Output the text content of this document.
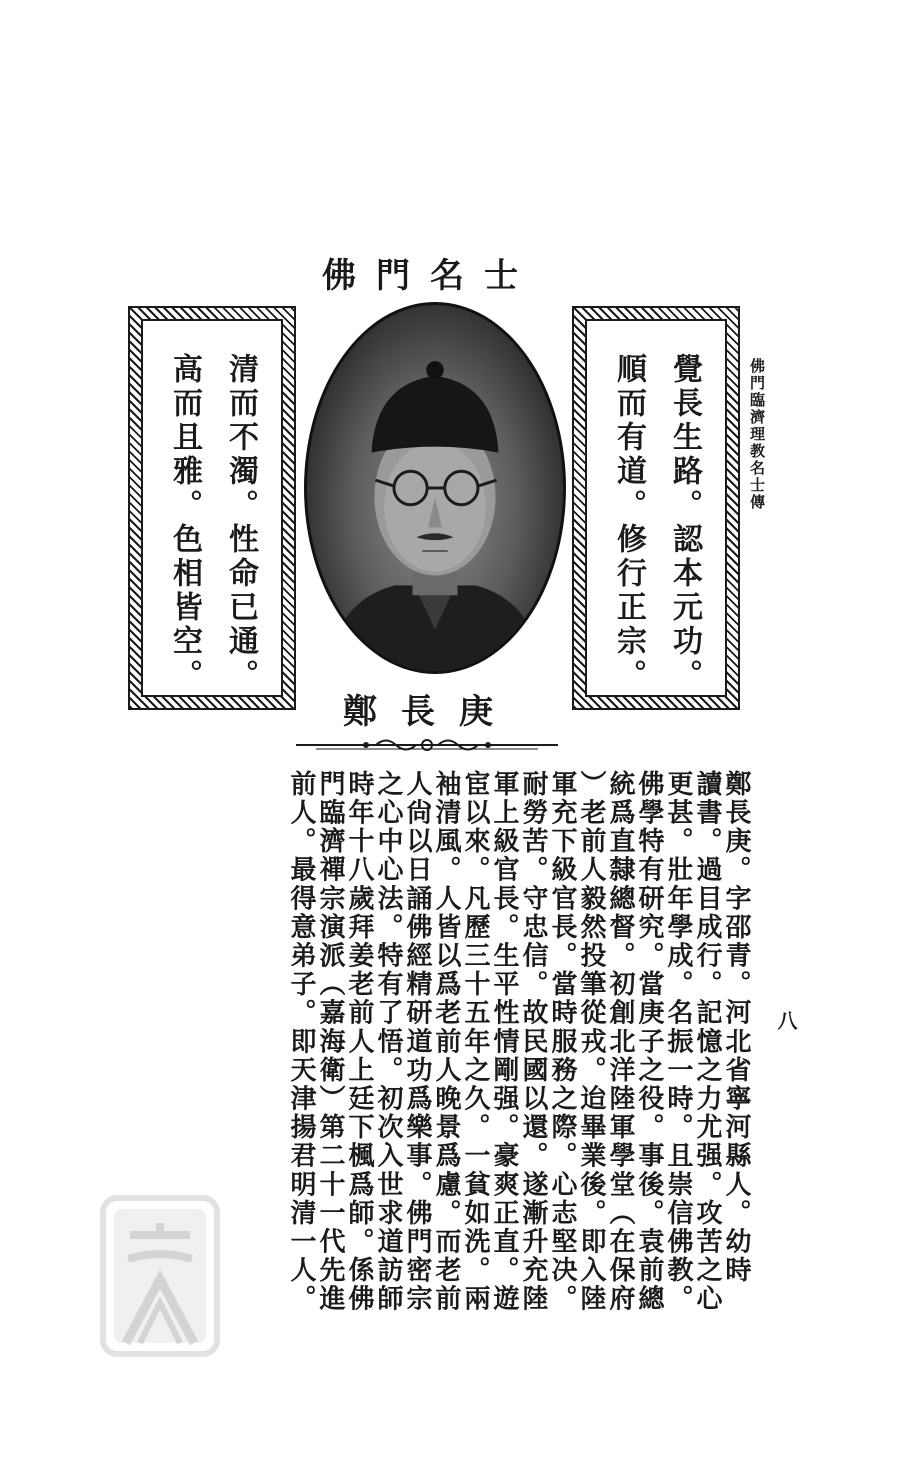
佛門臨濟理教名士傳
八
佛門名士
覺長生路。認本元功。
順而有道。修行正宗。
清而不濁。性命已通。
高而且雅。色相皆空。
鄭長庚
鄭長庚。字邵青。河北省寧河縣人。幼時
讀書。過目成行。記憶之力尤强。攻苦之心
更甚。壯年學成。名振一時。且崇信佛教。
佛學特有研究。當庚子之役。事後。袁前總
統爲直隸總督。初創北洋陸軍學堂（在保府
）老前人毅然投筆從戎。迨畢業後。即入陸
軍充下級官長。當時服務之際。心志堅决。
耐勞苦。守忠信。故民國以還。遂漸升充陸
軍上級官長。生平性情剛强。豪爽正直。遊
宦以來。凡歷三十五年之久。一貧如洗。兩
袖清風。人皆以爲老前人晚景爲慮。而老前
人尙以日誦佛經精研道功爲樂事。佛門密宗
之心中心法。特有了悟。初次入世求道訪師
時年十八歲拜姜老前人上廷下楓爲師。係佛
門臨濟禪宗演派（嘉海衛）第二十一代先進
前人。最得意弟子。即天津揚君明清一人。
